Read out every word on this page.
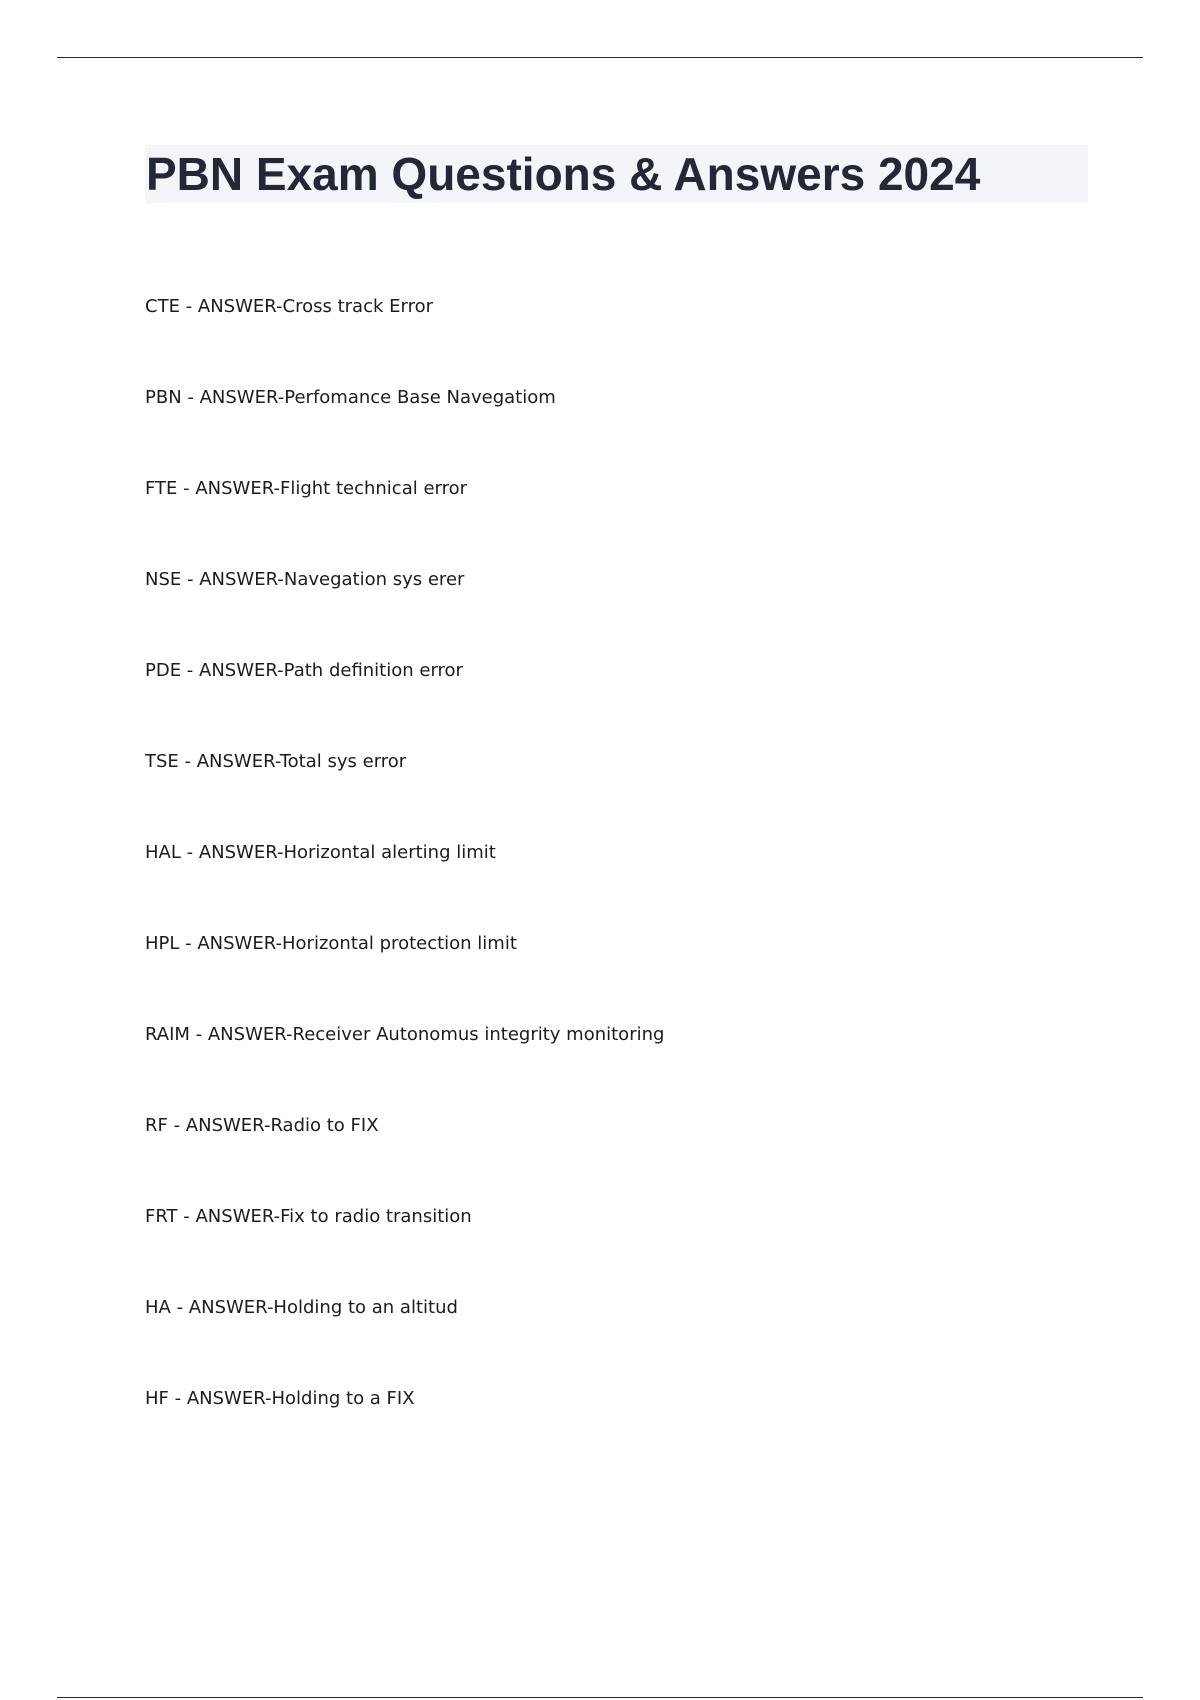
PBN Exam Questions & Answers 2024
CTE - ANSWER-Cross track Error
PBN - ANSWER-Perfomance Base Navegatiom
FTE - ANSWER-Flight technical error
NSE - ANSWER-Navegation sys erer
PDE - ANSWER-Path definition error
TSE - ANSWER-Total sys error
HAL - ANSWER-Horizontal alerting limit
HPL - ANSWER-Horizontal protection limit
RAIM - ANSWER-Receiver Autonomus integrity monitoring
RF - ANSWER-Radio to FIX
FRT - ANSWER-Fix to radio transition
HA - ANSWER-Holding to an altitud
HF - ANSWER-Holding to a FIX
